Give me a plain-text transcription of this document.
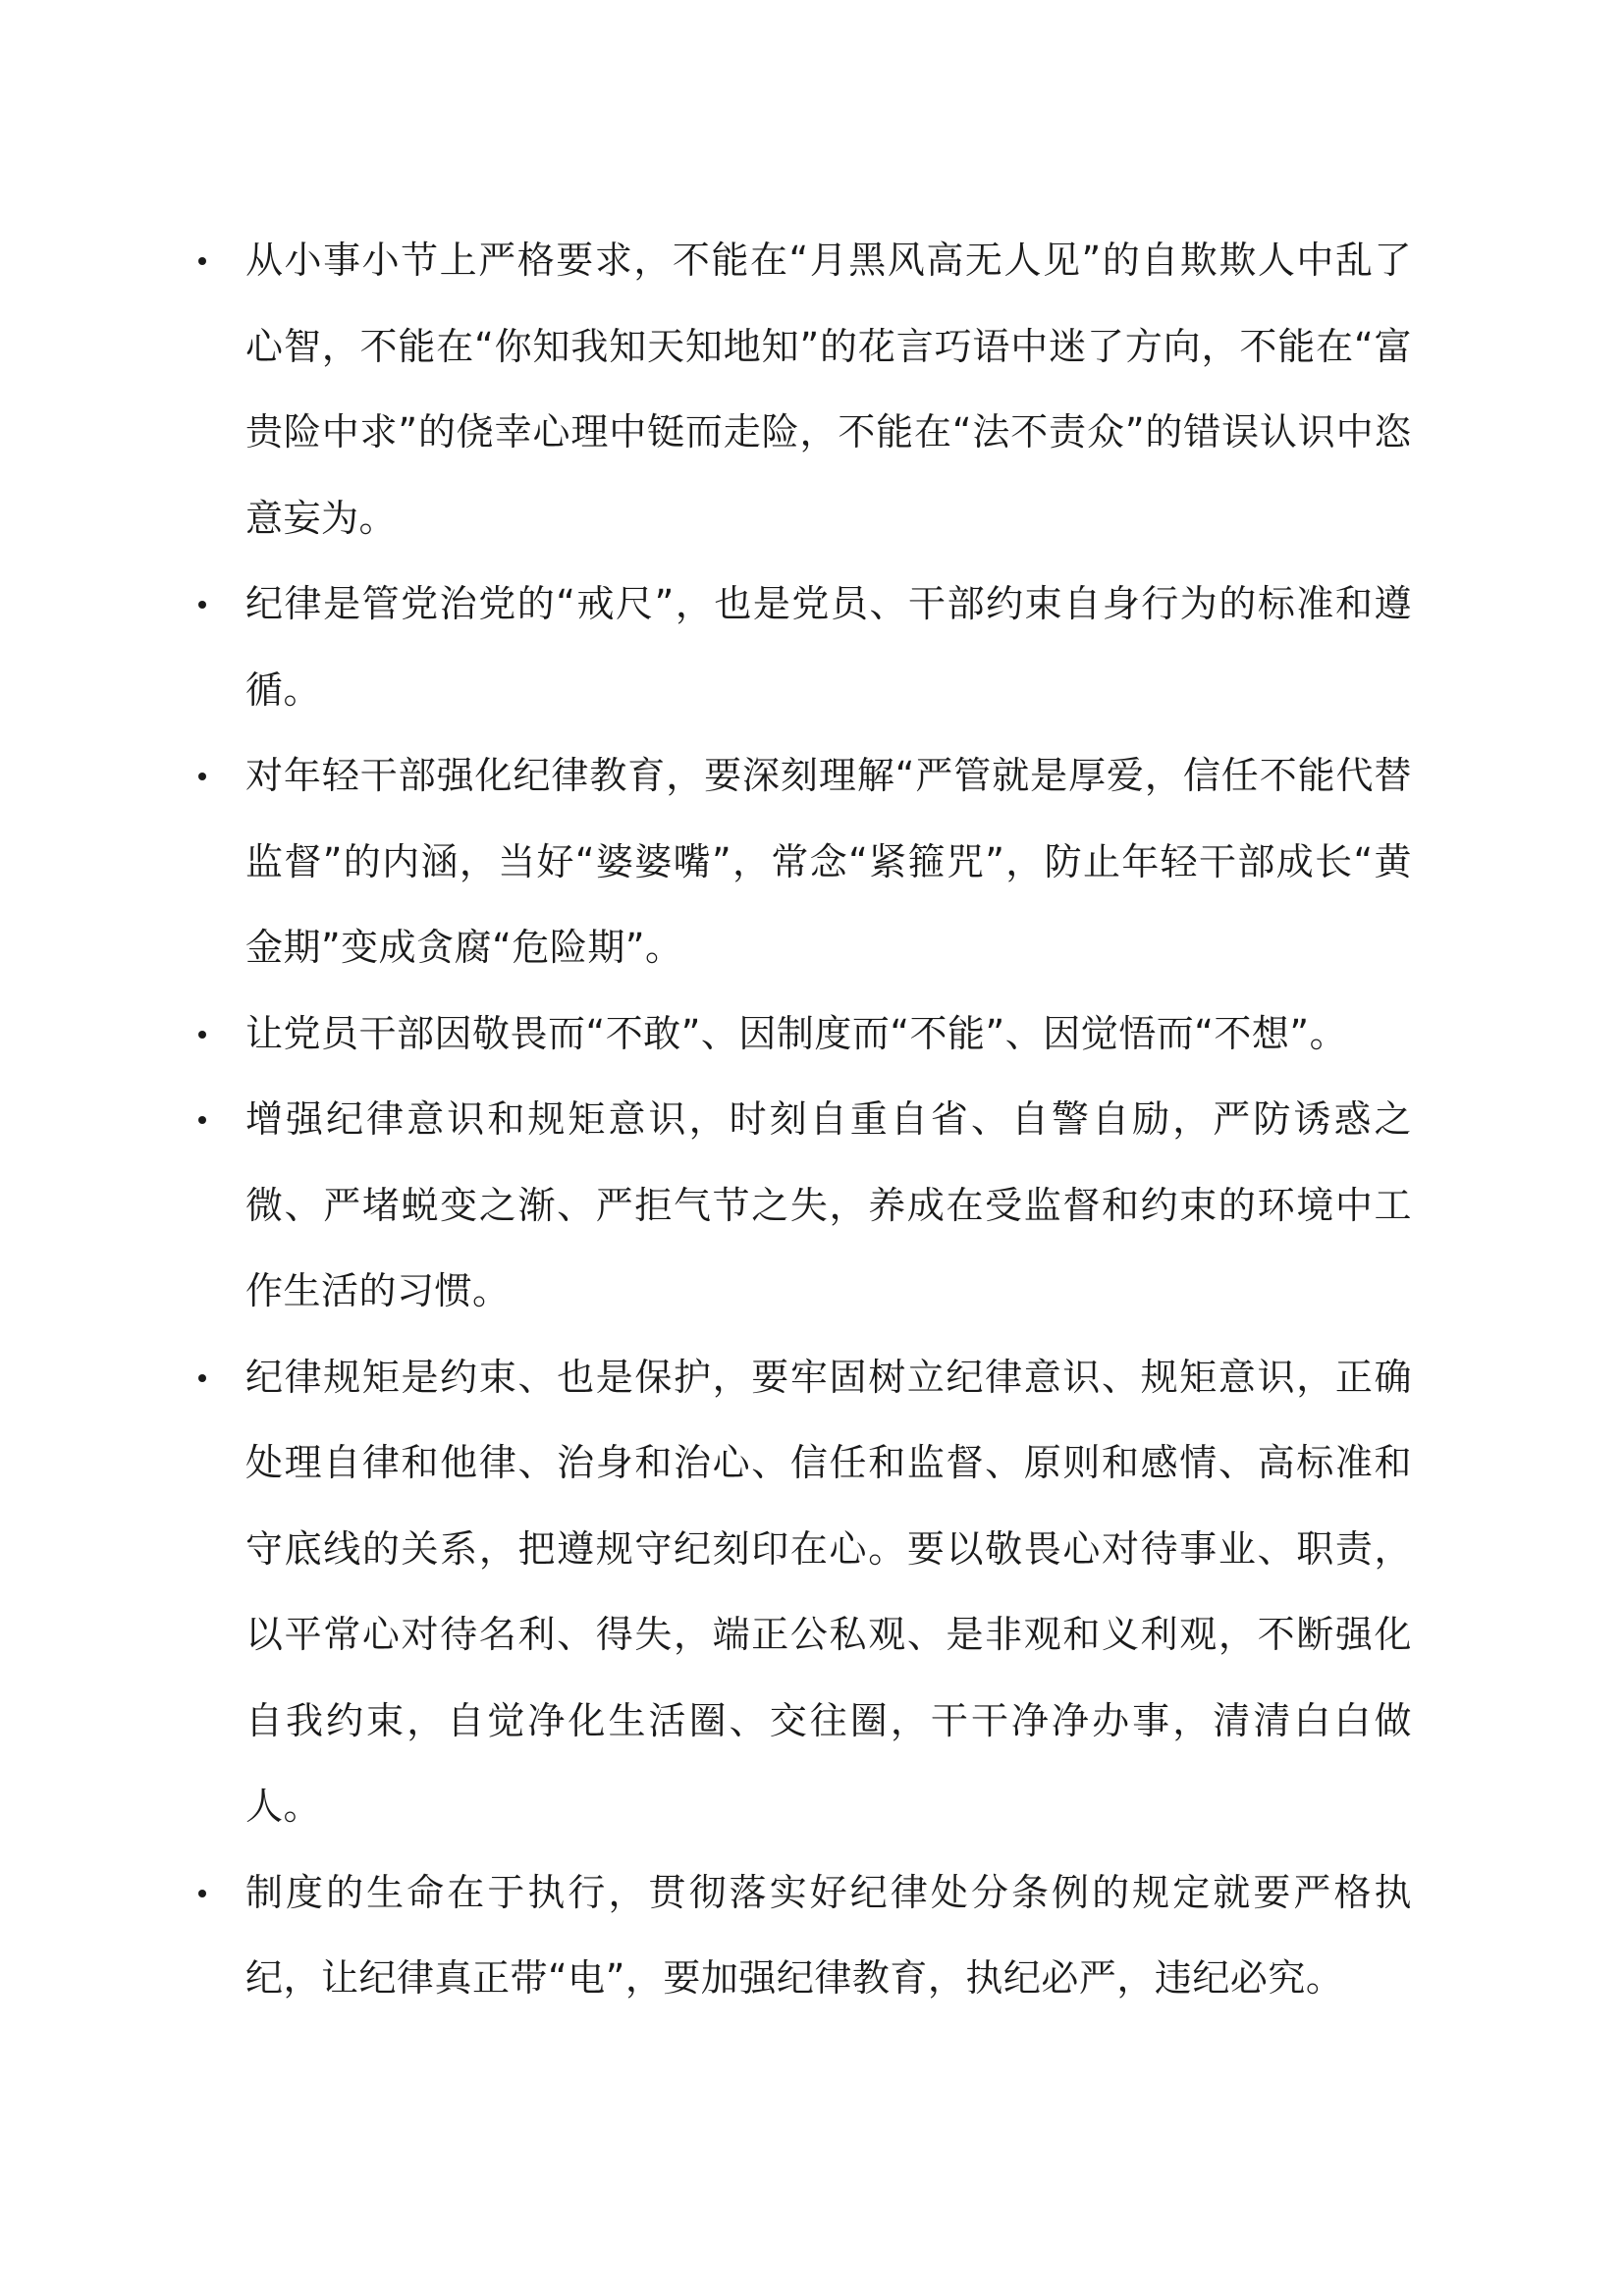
从小事小节上严格要求，不能在“月黑风高无人见”的自欺欺人中乱了心智，不能在“你知我知天知地知”的花言巧语中迷了方向，不能在“富贵险中求”的侥幸心理中铤而走险，不能在“法不责众”的错误认识中恣意妄为。
纪律是管党治党的“戒尺”，也是党员、干部约束自身行为的标准和遵循。
对年轻干部强化纪律教育，要深刻理解“严管就是厚爱，信任不能代替监督”的内涵，当好“婆婆嘴”，常念“紧箍咒”，防止年轻干部成长“黄金期”变成贪腐“危险期”。
让党员干部因敬畏而“不敢”、因制度而“不能”、因觉悟而“不想”。
增强纪律意识和规矩意识，时刻自重自省、自警自励，严防诱惑之微、严堵蜕变之渐、严拒气节之失，养成在受监督和约束的环境中工作生活的习惯。
纪律规矩是约束、也是保护，要牢固树立纪律意识、规矩意识，正确处理自律和他律、治身和治心、信任和监督、原则和感情、高标准和守底线的关系，把遵规守纪刻印在心。要以敬畏心对待事业、职责，以平常心对待名利、得失，端正公私观、是非观和义利观，不断强化自我约束，自觉净化生活圈、交往圈，干干净净办事，清清白白做人。
制度的生命在于执行，贯彻落实好纪律处分条例的规定就要严格执纪，让纪律真正带“电”，要加强纪律教育，执纪必严，违纪必究。
